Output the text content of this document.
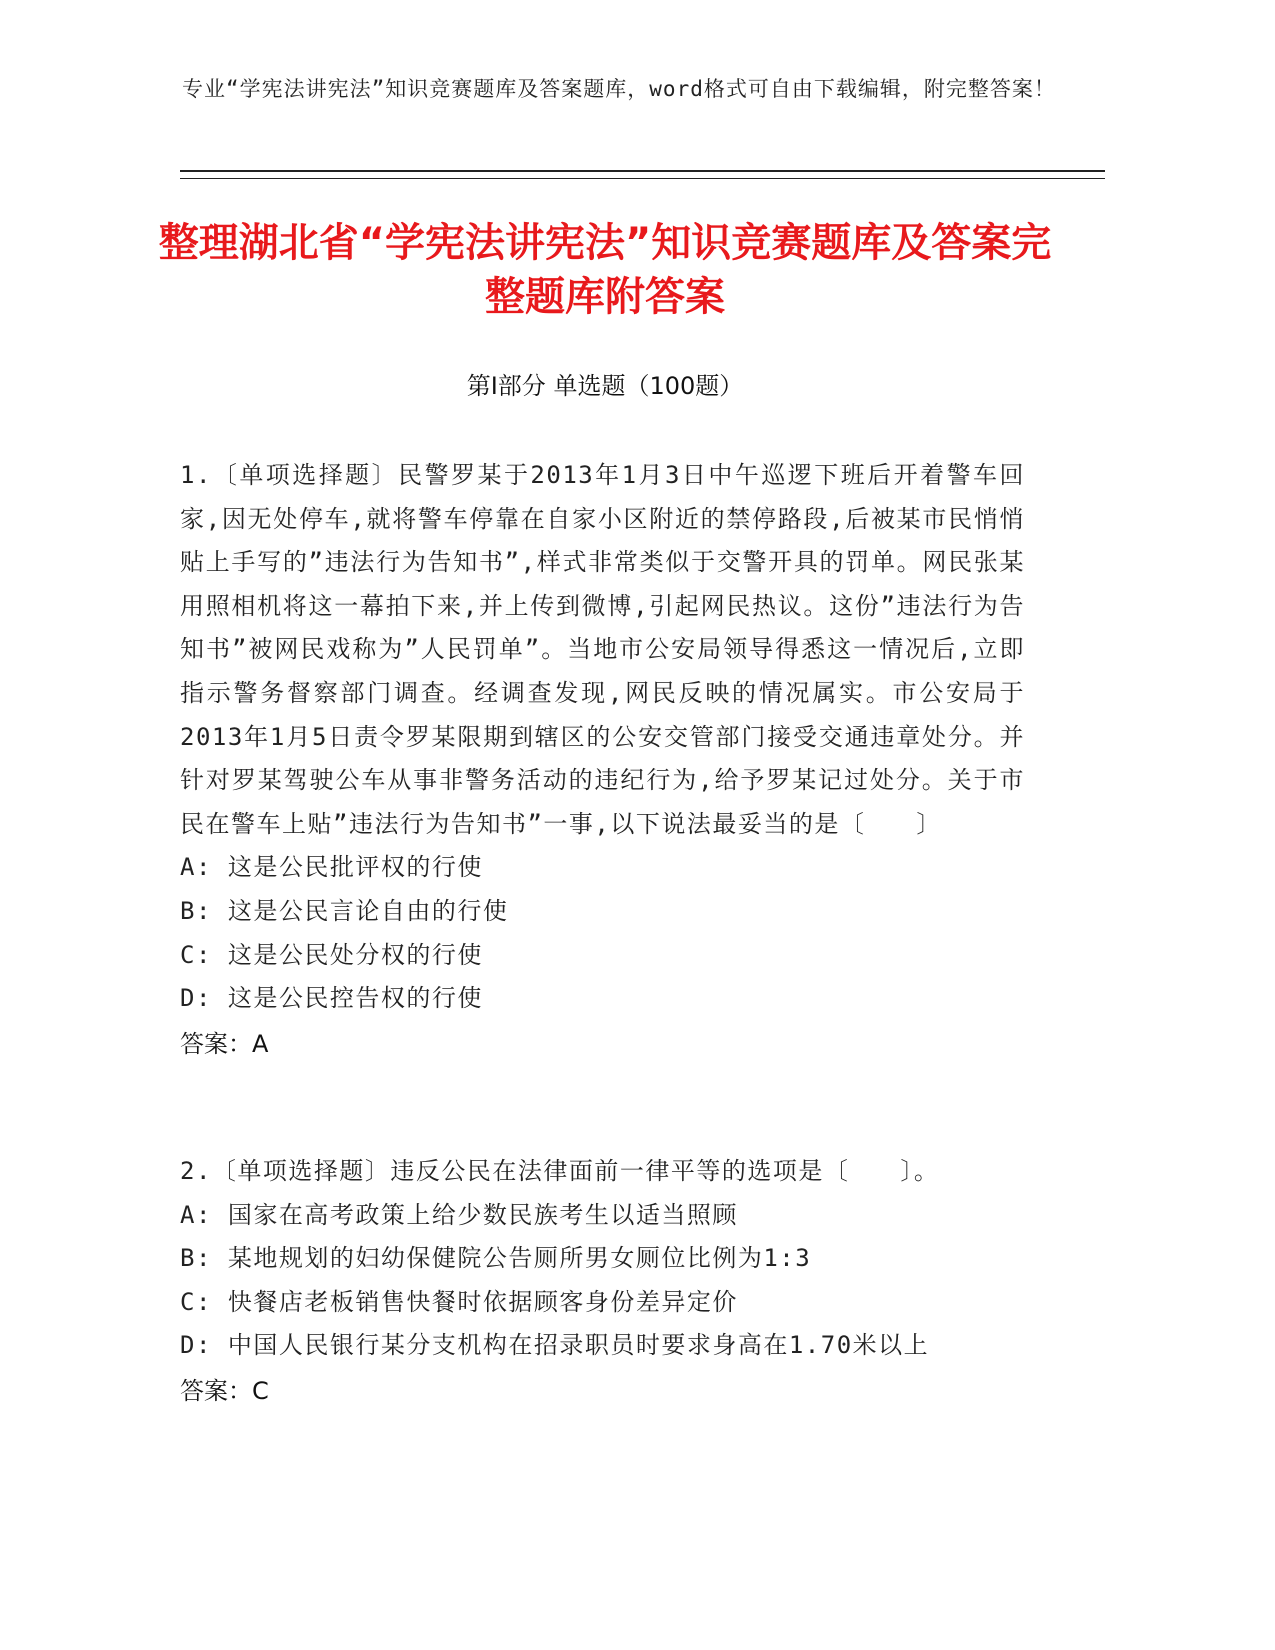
专业“学宪法讲宪法”知识竞赛题库及答案题库，word格式可自由下载编辑，附完整答案！
整理湖北省“学宪法讲宪法”知识竞赛题库及答案完整题库附答案
第Ⅰ部分 单选题（100题）
1.〔单项选择题〕民警罗某于2013年1月3日中午巡逻下班后开着警车回家,因无处停车,就将警车停靠在自家小区附近的禁停路段,后被某市民悄悄贴上手写的”违法行为告知书”,样式非常类似于交警开具的罚单。网民张某用照相机将这一幕拍下来,并上传到微博,引起网民热议。这份”违法行为告知书”被网民戏称为”人民罚单”。当地市公安局领导得悉这一情况后,立即指示警务督察部门调查。经调查发现,网民反映的情况属实。市公安局于2013年1月5日责令罗某限期到辖区的公安交管部门接受交通违章处分。并针对罗某驾驶公车从事非警务活动的违纪行为,给予罗某记过处分。关于市民在警车上贴”违法行为告知书”一事,以下说法最妥当的是〔　　〕
A: 这是公民批评权的行使
B: 这是公民言论自由的行使
C: 这是公民处分权的行使
D: 这是公民控告权的行使
答案：A
2.〔单项选择题〕违反公民在法律面前一律平等的选项是〔　　〕。
A: 国家在高考政策上给少数民族考生以适当照顾
B: 某地规划的妇幼保健院公告厕所男女厕位比例为1:3
C: 快餐店老板销售快餐时依据顾客身份差异定价
D: 中国人民银行某分支机构在招录职员时要求身高在1.70米以上
答案：C
